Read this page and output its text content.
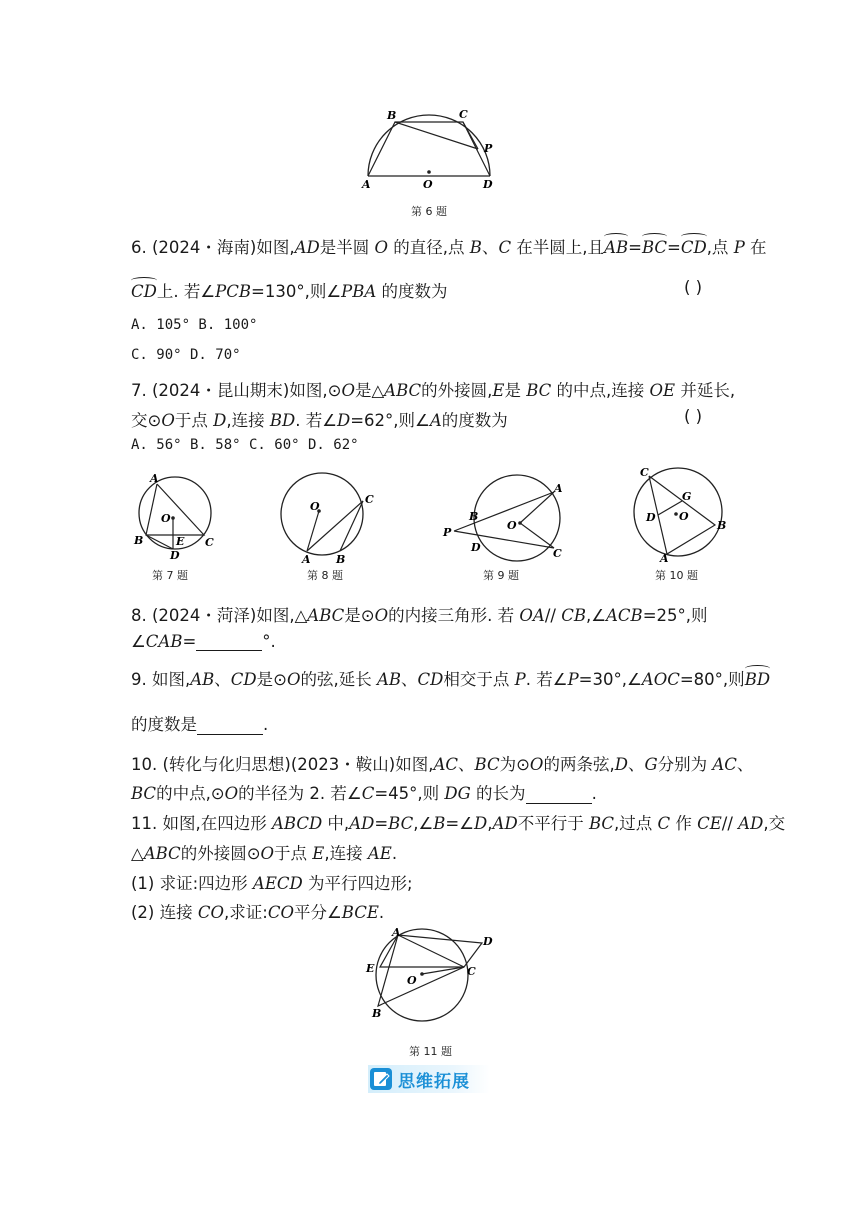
B	C
P
A	O	D
第 6 题
6. (2024・海南)如图,AD是半圆 O 的直径,点 B、C 在半圆上,且AB=BC=CD,点 P 在
CD上. 若∠PCB=130°,则∠PBA 的度数为	( )
A. 105° B. 100°
C. 90° D. 70°
7. (2024・昆山期末)如图,⊙O是△ABC的外接圆,E是 BC 的中点,连接 OE 并延长,
交⊙O于点 D,连接 BD. 若∠D=62°,则∠A的度数为	( )
A. 56° B. 58° C. 60° D. 62°
A
O
B	E C
D
第 7 题
O
C
A B
第 8 题
A
B
O
P
D	C
第 9 题
C
G
O
D
B
A
第 10 题
8. (2024・菏泽)如图,△ABC是⊙O的内接三角形. 若 OA// CB,∠ACB=25°,则
∠CAB=	°.
9. 如图,AB、CD是⊙O的弦,延长 AB、CD相交于点 P. 若∠P=30°,∠AOC=80°,则BD
的度数是	.
10. (转化与化归思想)(2023・鞍山)如图,AC、BC为⊙O的两条弦,D、G分别为 AC、
BC的中点,⊙O的半径为 2. 若∠C=45°,则 DG 的长为	.
11. 如图,在四边形 ABCD 中,AD=BC,∠B=∠D,AD不平行于 BC,过点 C 作 CE// AD,交
△ABC的外接圆⊙O于点 E,连接 AE.
(1) 求证:四边形 AECD 为平行四边形;
(2) 连接 CO,求证:CO平分∠BCE.
A
D
E
O
C
B
第 11 题
思维拓展
